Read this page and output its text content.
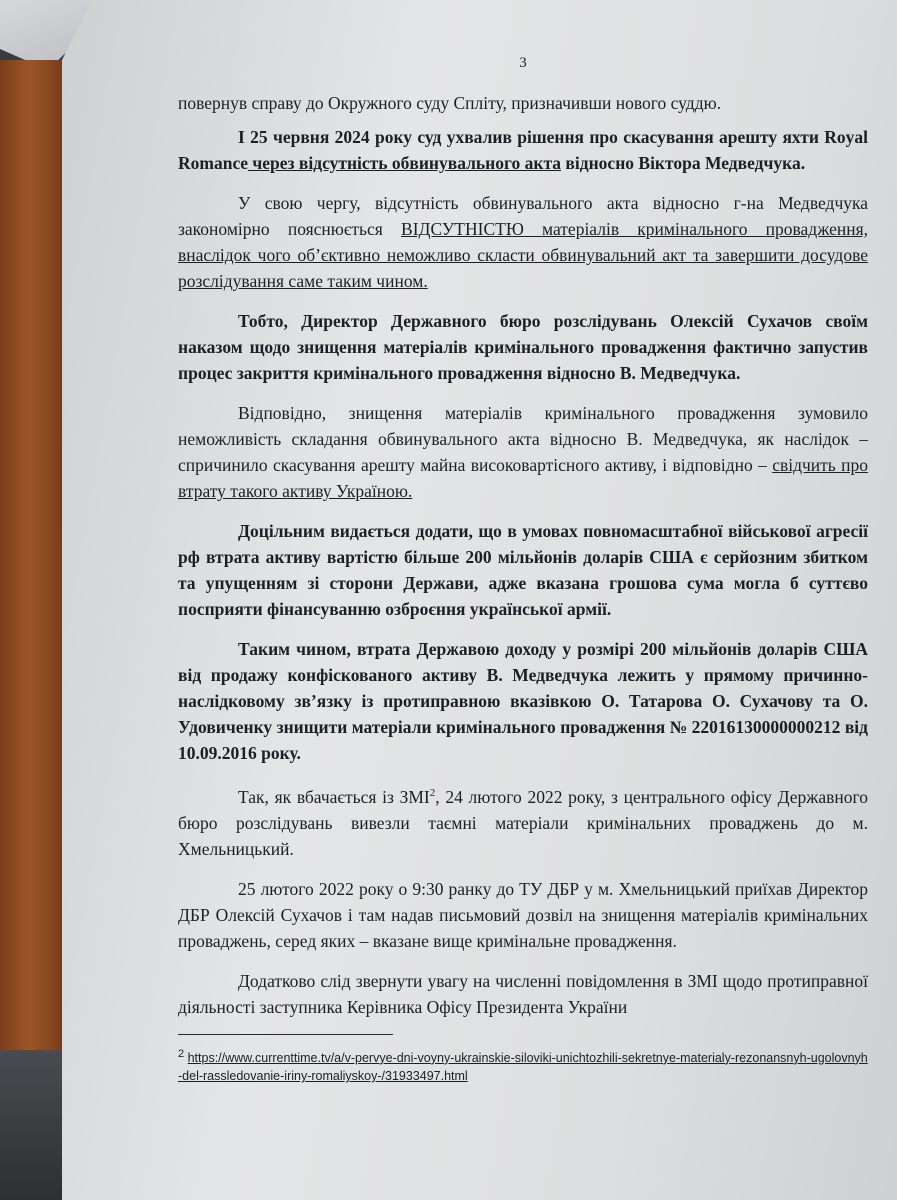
3

повернув справу до Окружного суду Спліту, призначивши нового суддю.

І 25 червня 2024 року суд ухвалив рішення про скасування арешту яхти Royal Romance через відсутність обвинувального акта відносно Віктора Медведчука.

У свою чергу, відсутність обвинувального акта відносно г-на Медведчука закономірно пояснюється ВІДСУТНІСТЮ матеріалів кримінального провадження, внаслідок чого об’єктивно неможливо скласти обвинувальний акт та завершити досудове розслідування саме таким чином.

Тобто, Директор Державного бюро розслідувань Олексій Сухачов своїм наказом щодо знищення матеріалів кримінального провадження фактично запустив процес закриття кримінального провадження відносно В. Медведчука.

Відповідно, знищення матеріалів кримінального провадження зумовило неможливість складання обвинувального акта відносно В. Медведчука, як наслідок – спричинило скасування арешту майна високовартісного активу, і відповідно – свідчить про втрату такого активу Україною.

Доцільним видається додати, що в умовах повномасштабної військової агресії рф втрата активу вартістю більше 200 мільйонів доларів США є серйозним збитком та упущенням зі сторони Держави, адже вказана грошова сума могла б суттєво посприяти фінансуванню озброєння української армії.

Таким чином, втрата Державою доходу у розмірі 200 мільйонів доларів США від продажу конфіскованого активу В. Медведчука лежить у прямому причинно-наслідковому зв’язку із протиправною вказівкою О. Татарова О. Сухачову та О. Удовиченку знищити матеріали кримінального провадження № 22016130000000212 від 10.09.2016 року.

Так, як вбачається із ЗМІ$^2$, 24 лютого 2022 року, з центрального офісу Державного бюро розслідувань вивезли таємні матеріали кримінальних проваджень до м. Хмельницький.

25 лютого 2022 року о 9:30 ранку до ТУ ДБР у м. Хмельницький приїхав Директор ДБР Олексій Сухачов і там надав письмовий дозвіл на знищення матеріалів кримінальних проваджень, серед яких – вказане вище кримінальне провадження.

Додатково слід звернути увагу на численні повідомлення в ЗМІ щодо протиправної діяльності заступника Керівника Офісу Президента України

$^2$ https://www.currenttime.tv/a/v-pervye-dni-voyny-ukrainskie-siloviki-unichtozhili-sekretnye-materialy-rezonansnyh-ugolovnyh-del-rassledovanie-iriny-romaliyskoy-/31933497.html
